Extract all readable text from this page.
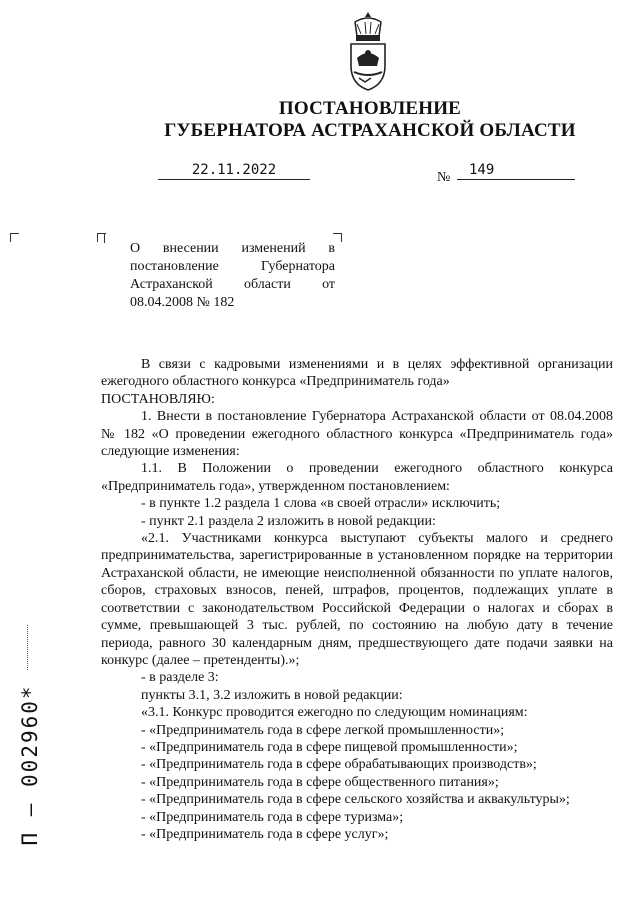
ПОСТАНОВЛЕНИЕ
ГУБЕРНАТОРА АСТРАХАНСКОЙ ОБЛАСТИ
22.11.2022	№	149
О внесении изменений в постановление Губернатора Астраханской области от 08.04.2008 № 182

В связи с кадровыми изменениями и в целях эффективной организации ежегодного областного конкурса «Предприниматель года»

ПОСТАНОВЛЯЮ:

1. Внести в постановление Губернатора Астраханской области от 08.04.2008 № 182 «О проведении ежегодного областного конкурса «Предприниматель года» следующие изменения:

1.1. В Положении о проведении ежегодного областного конкурса «Предприниматель года», утвержденном постановлением:

- в пункте 1.2 раздела 1 слова «в своей отрасли» исключить;

- пункт 2.1 раздела 2 изложить в новой редакции:

«2.1. Участниками конкурса выступают субъекты малого и среднего предпринимательства, зарегистрированные в установленном порядке на территории Астраханской области, не имеющие неисполненной обязанности по уплате налогов, сборов, страховых взносов, пеней, штрафов, процентов, подлежащих уплате в соответствии с законодательством Российской Федерации о налогах и сборах в сумме, превышающей 3 тыс. рублей, по состоянию на любую дату в течение периода, равного 30 календарным дням, предшествующего дате подачи заявки на конкурс (далее – претенденты).»;

- в разделе 3:

пункты 3.1, 3.2 изложить в новой редакции:

«3.1. Конкурс проводится ежегодно по следующим номинациям:

- «Предприниматель года в сфере легкой промышленности»;

- «Предприниматель года в сфере пищевой промышленности»;

- «Предприниматель года в сфере обрабатывающих производств»;

- «Предприниматель года в сфере общественного питания»;

- «Предприниматель года в сфере сельского хозяйства и аквакультуры»;

- «Предприниматель года в сфере туризма»;

- «Предприниматель года в сфере услуг»;

П – 002960*
